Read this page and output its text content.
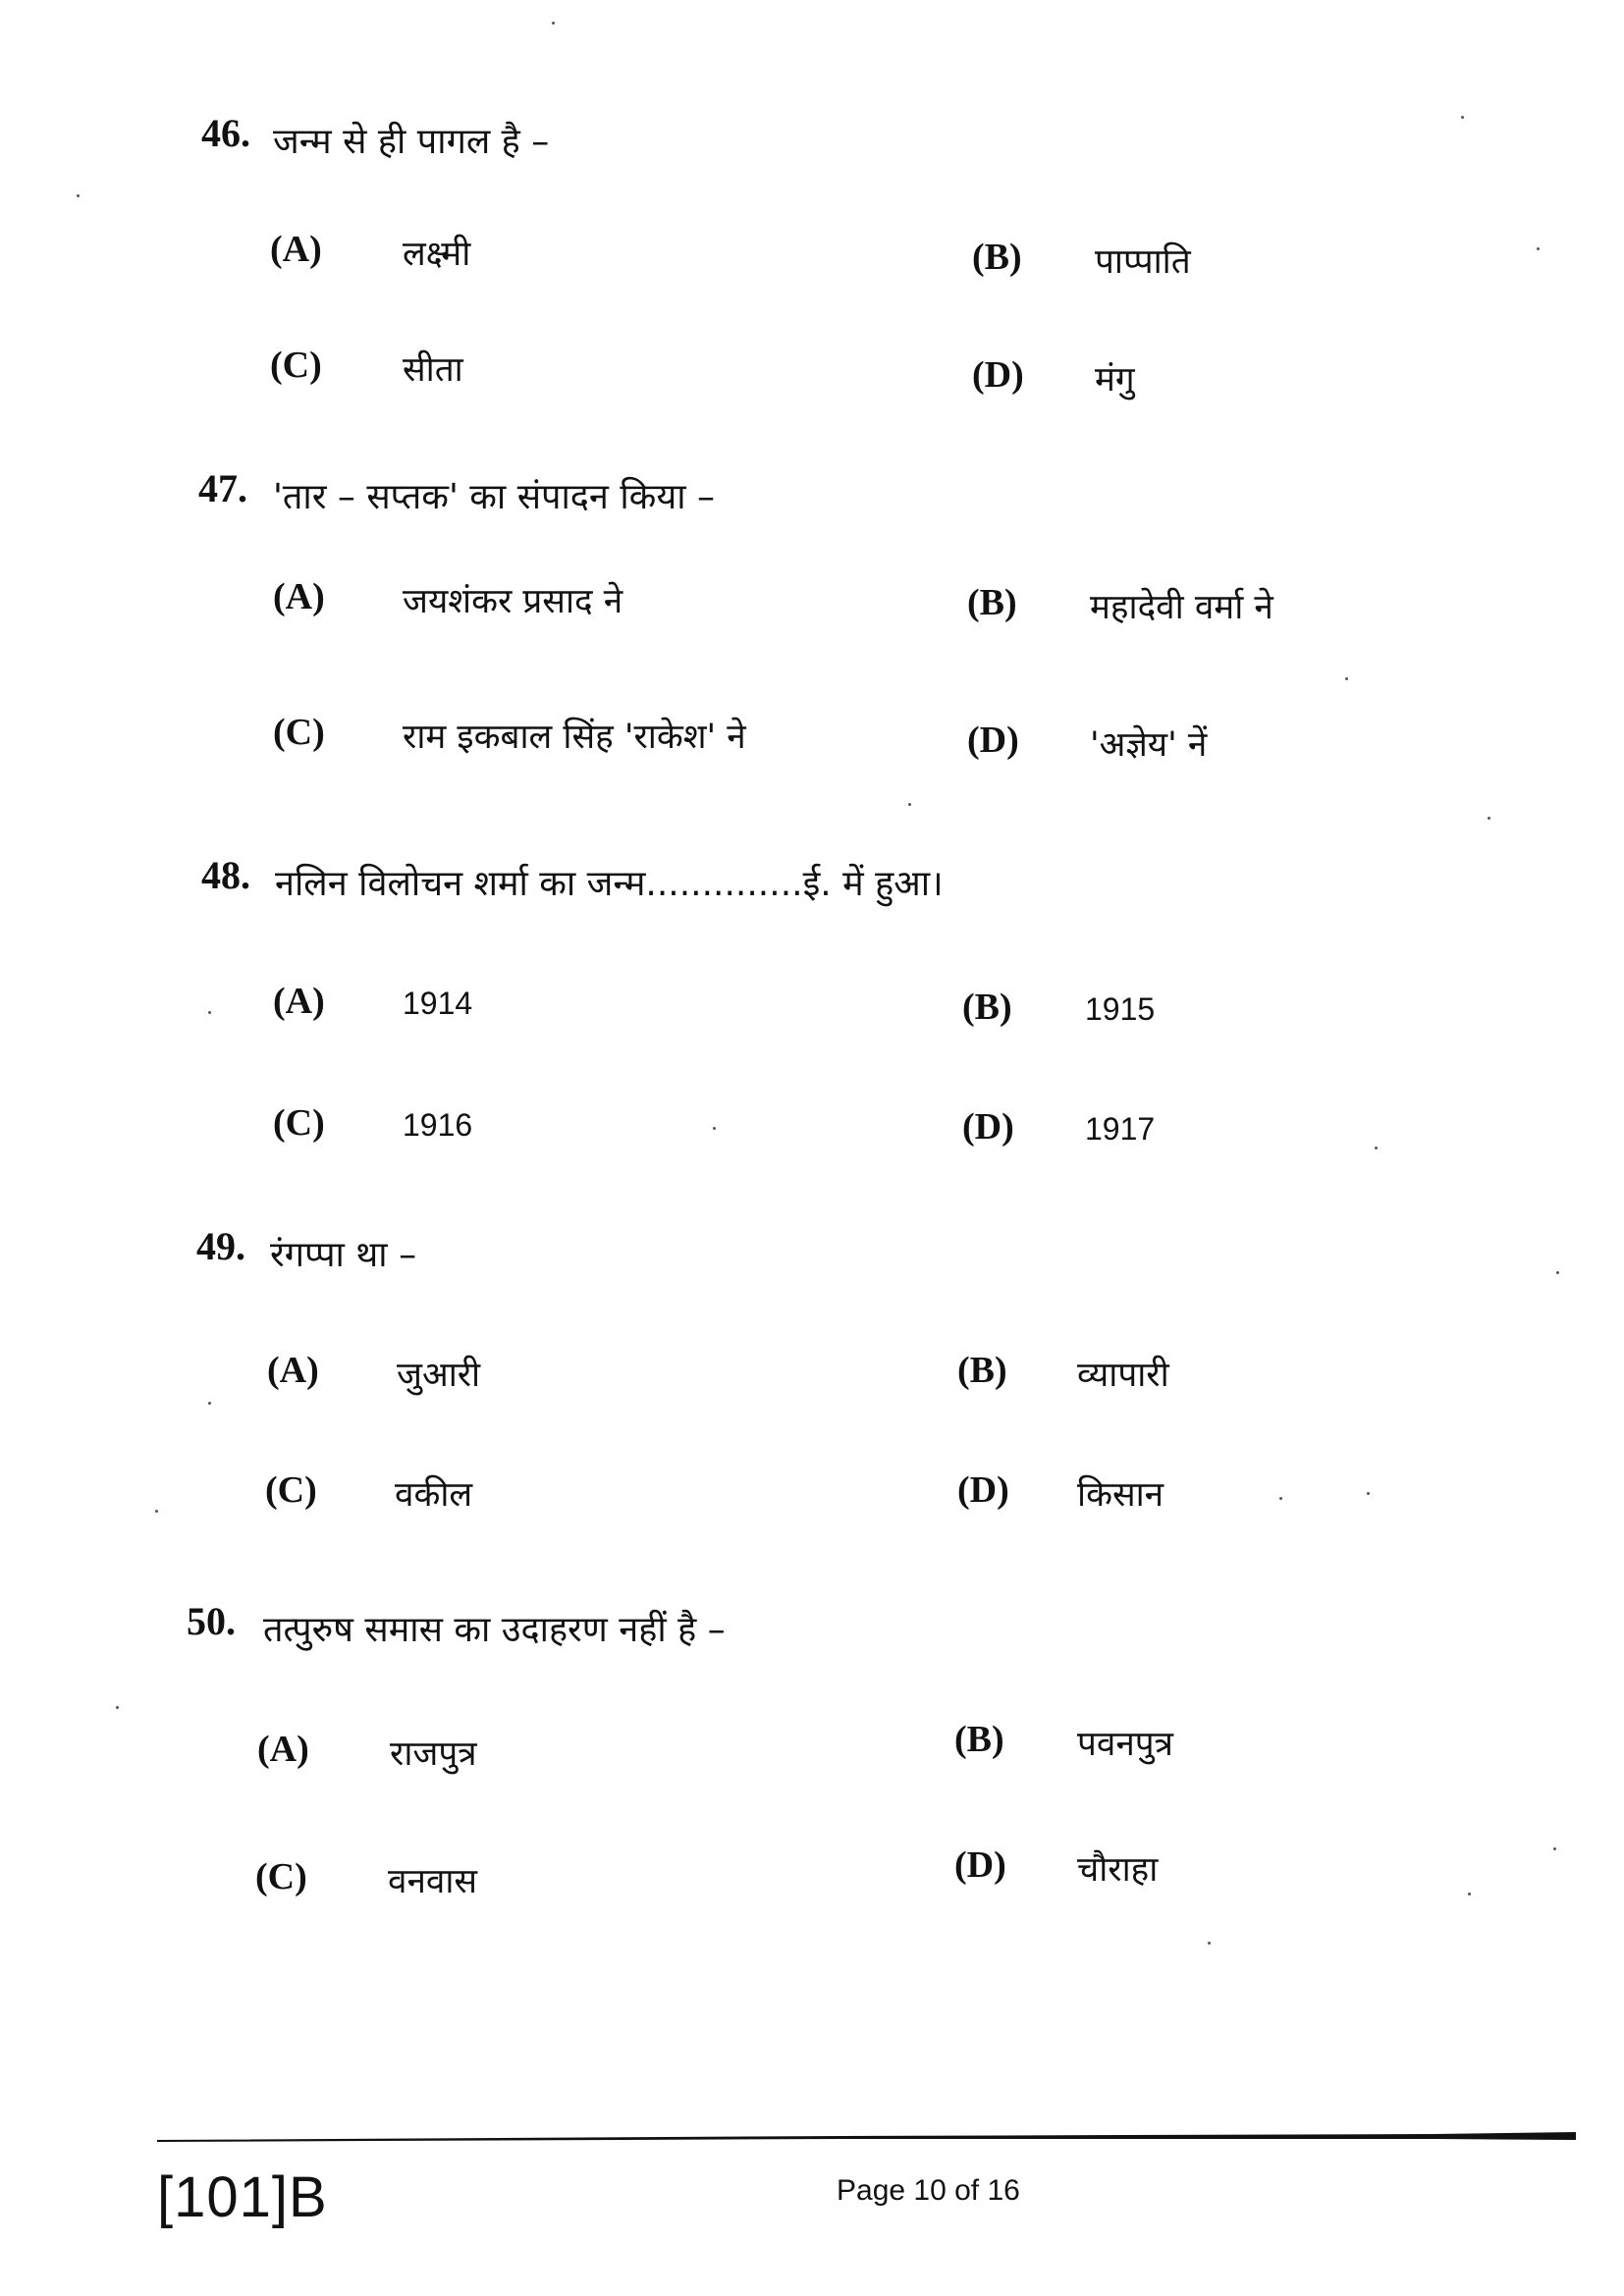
46. जन्म से ही पागल है –
(A) लक्ष्मी	(B) पाप्पाति
(C) सीता	(D) मंगु
47. 'तार – सप्तक' का संपादन किया –
(A) जयशंकर प्रसाद ने	(B) महादेवी वर्मा ने
(C) राम इकबाल सिंह 'राकेश' ने	(D) 'अज्ञेय' नें
48. नलिन विलोचन शर्मा का जन्म..............ई. में हुआ।
(A) 1914	(B) 1915
(C) 1916	(D) 1917
49. रंगप्पा था –
(A) जुआरी	(B) व्यापारी
(C) वकील	(D) किसान
50. तत्पुरुष समास का उदाहरण नहीं है –
(A) राजपुत्र	(B) पवनपुत्र
(C) वनवास	(D) चौराहा
[101]B	Page 10 of 16
